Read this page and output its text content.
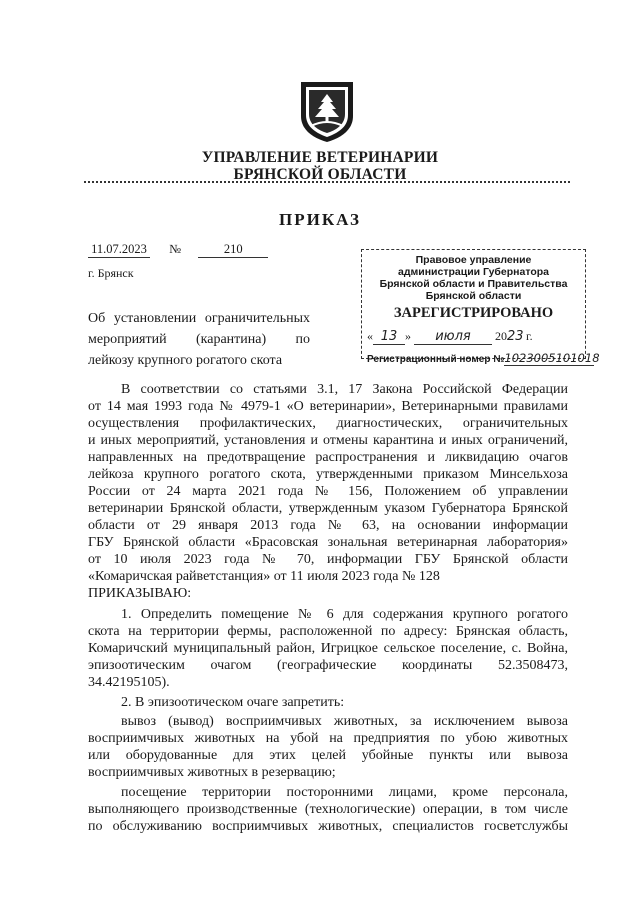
УПРАВЛЕНИЕ ВЕТЕРИНАРИИ
БРЯНСКОЙ ОБЛАСТИ
ПРИКАЗ
11.07.2023 №	210
г. Брянск
Об установлении ограничительных
мероприятий (карантина) по
лейкозу крупного рогатого скота
Правовое управление
администрации Губернатора
Брянской области и Правительства
Брянской области
ЗАРЕГИСТРИРОВАНО
« 13 » июля 2023 г.
Регистрационный номер №1023005101018
В соответствии со статьями 3.1, 17 Закона Российской Федерации
от 14 мая 1993 года № 4979-1 «О ветеринарии», Ветеринарными правилами
осуществления профилактических, диагностических, ограничительных
и иных мероприятий, установления и отмены карантина и иных ограничений,
направленных на предотвращение распространения и ликвидацию очагов
лейкоза крупного рогатого скота, утвержденными приказом Минсельхоза
России от 24 марта 2021 года № 156, Положением об управлении
ветеринарии Брянской области, утвержденным указом Губернатора Брянской
области от 29 января 2013 года № 63, на основании информации
ГБУ Брянской области «Брасовская зональная ветеринарная лаборатория»
от 10 июля 2023 года № 70, информации ГБУ Брянской области
«Комаричская райветстанция» от 11 июля 2023 года № 128
ПРИКАЗЫВАЮ:
1. Определить помещение № 6 для содержания крупного рогатого
скота на территории фермы, расположенной по адресу: Брянская область,
Комаричский муниципальный район, Игрицкое сельское поселение, с. Война,
эпизоотическим очагом (географические координаты 52.3508473,
34.42195105).
2. В эпизоотическом очаге запретить:
вывоз (вывод) восприимчивых животных, за исключением вывоза
восприимчивых животных на убой на предприятия по убою животных
или оборудованные для этих целей убойные пункты или вывоза
восприимчивых животных в резервацию;
посещение территории посторонними лицами, кроме персонала,
выполняющего производственные (технологические) операции, в том числе
по обслуживанию восприимчивых животных, специалистов госветслужбы
